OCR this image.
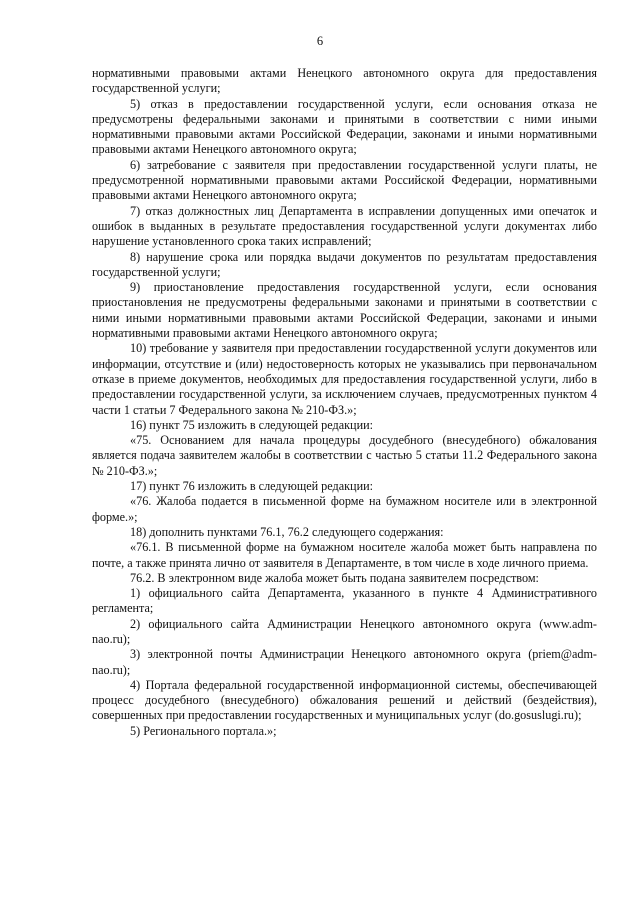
6

нормативными правовыми актами Ненецкого автономного округа для предоставления государственной услуги;

5) отказ в предоставлении государственной услуги, если основания отказа не предусмотрены федеральными законами и принятыми в соответствии с ними иными нормативными правовыми актами Российской Федерации, законами и иными нормативными правовыми актами Ненецкого автономного округа;

6) затребование с заявителя при предоставлении государственной услуги платы, не предусмотренной нормативными правовыми актами Российской Федерации, нормативными правовыми актами Ненецкого автономного округа;

7) отказ должностных лиц Департамента в исправлении допущенных ими опечаток и ошибок в выданных в результате предоставления государственной услуги документах либо нарушение установленного срока таких исправлений;

8) нарушение срока или порядка выдачи документов по результатам предоставления государственной услуги;

9) приостановление предоставления государственной услуги, если основания приостановления не предусмотрены федеральными законами и принятыми в соответствии с ними иными нормативными правовыми актами Российской Федерации, законами и иными нормативными правовыми актами Ненецкого автономного округа;

10) требование у заявителя при предоставлении государственной услуги документов или информации, отсутствие и (или) недостоверность которых не указывались при первоначальном отказе в приеме документов, необходимых для предоставления государственной услуги, либо в предоставлении государственной услуги, за исключением случаев, предусмотренных пунктом 4 части 1 статьи 7 Федерального закона № 210-ФЗ.»;

16) пункт 75 изложить в следующей редакции:

«75. Основанием для начала процедуры досудебного (внесудебного) обжалования является подача заявителем жалобы в соответствии с частью 5 статьи 11.2 Федерального закона № 210-ФЗ.»;

17) пункт 76 изложить в следующей редакции:

«76. Жалоба подается в письменной форме на бумажном носителе или в электронной форме.»;

18) дополнить пунктами 76.1, 76.2 следующего содержания:

«76.1. В письменной форме на бумажном носителе жалоба может быть направлена по почте, а также принята лично от заявителя в Департаменте, в том числе в ходе личного приема.

76.2. В электронном виде жалоба может быть подана заявителем посредством:

1) официального сайта Департамента, указанного в пункте 4 Административного регламента;

2) официального сайта Администрации Ненецкого автономного округа (www.adm-nao.ru);

3) электронной почты Администрации Ненецкого автономного округа (priem@adm-nao.ru);

4) Портала федеральной государственной информационной системы, обеспечивающей процесс досудебного (внесудебного) обжалования решений и действий (бездействия), совершенных при предоставлении государственных и муниципальных услуг (do.gosuslugi.ru);

5) Регионального портала.»;
